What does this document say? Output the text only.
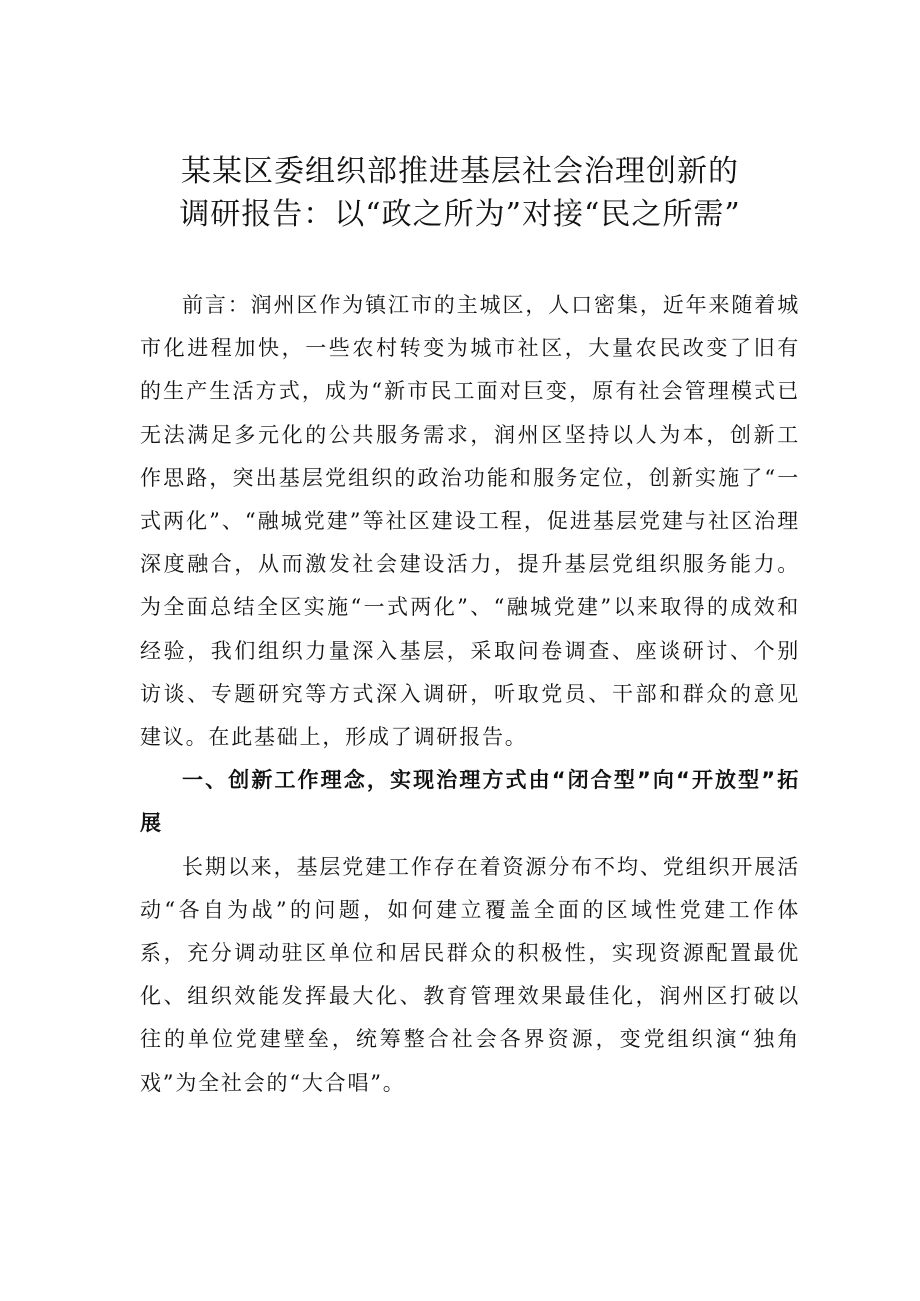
某某区委组织部推进基层社会治理创新的
调研报告：以“政之所为”对接“民之所需”

前言：润州区作为镇江市的主城区，人口密集，近年来随着城市化进程加快，一些农村转变为城市社区，大量农民改变了旧有的生产生活方式，成为“新市民工面对巨变，原有社会管理模式已无法满足多元化的公共服务需求，润州区坚持以人为本，创新工作思路，突出基层党组织的政治功能和服务定位，创新实施了“一式两化”、“融城党建”等社区建设工程，促进基层党建与社区治理深度融合，从而激发社会建设活力，提升基层党组织服务能力。为全面总结全区实施“一式两化”、“融城党建”以来取得的成效和经验，我们组织力量深入基层，采取问卷调查、座谈研讨、个别访谈、专题研究等方式深入调研，听取党员、干部和群众的意见建议。在此基础上，形成了调研报告。

一、创新工作理念，实现治理方式由“闭合型”向“开放型”拓展

长期以来，基层党建工作存在着资源分布不均、党组织开展活动“各自为战”的问题，如何建立覆盖全面的区域性党建工作体系，充分调动驻区单位和居民群众的积极性，实现资源配置最优化、组织效能发挥最大化、教育管理效果最佳化，润州区打破以往的单位党建壁垒，统筹整合社会各界资源，变党组织演“独角戏”为全社会的“大合唱”。
